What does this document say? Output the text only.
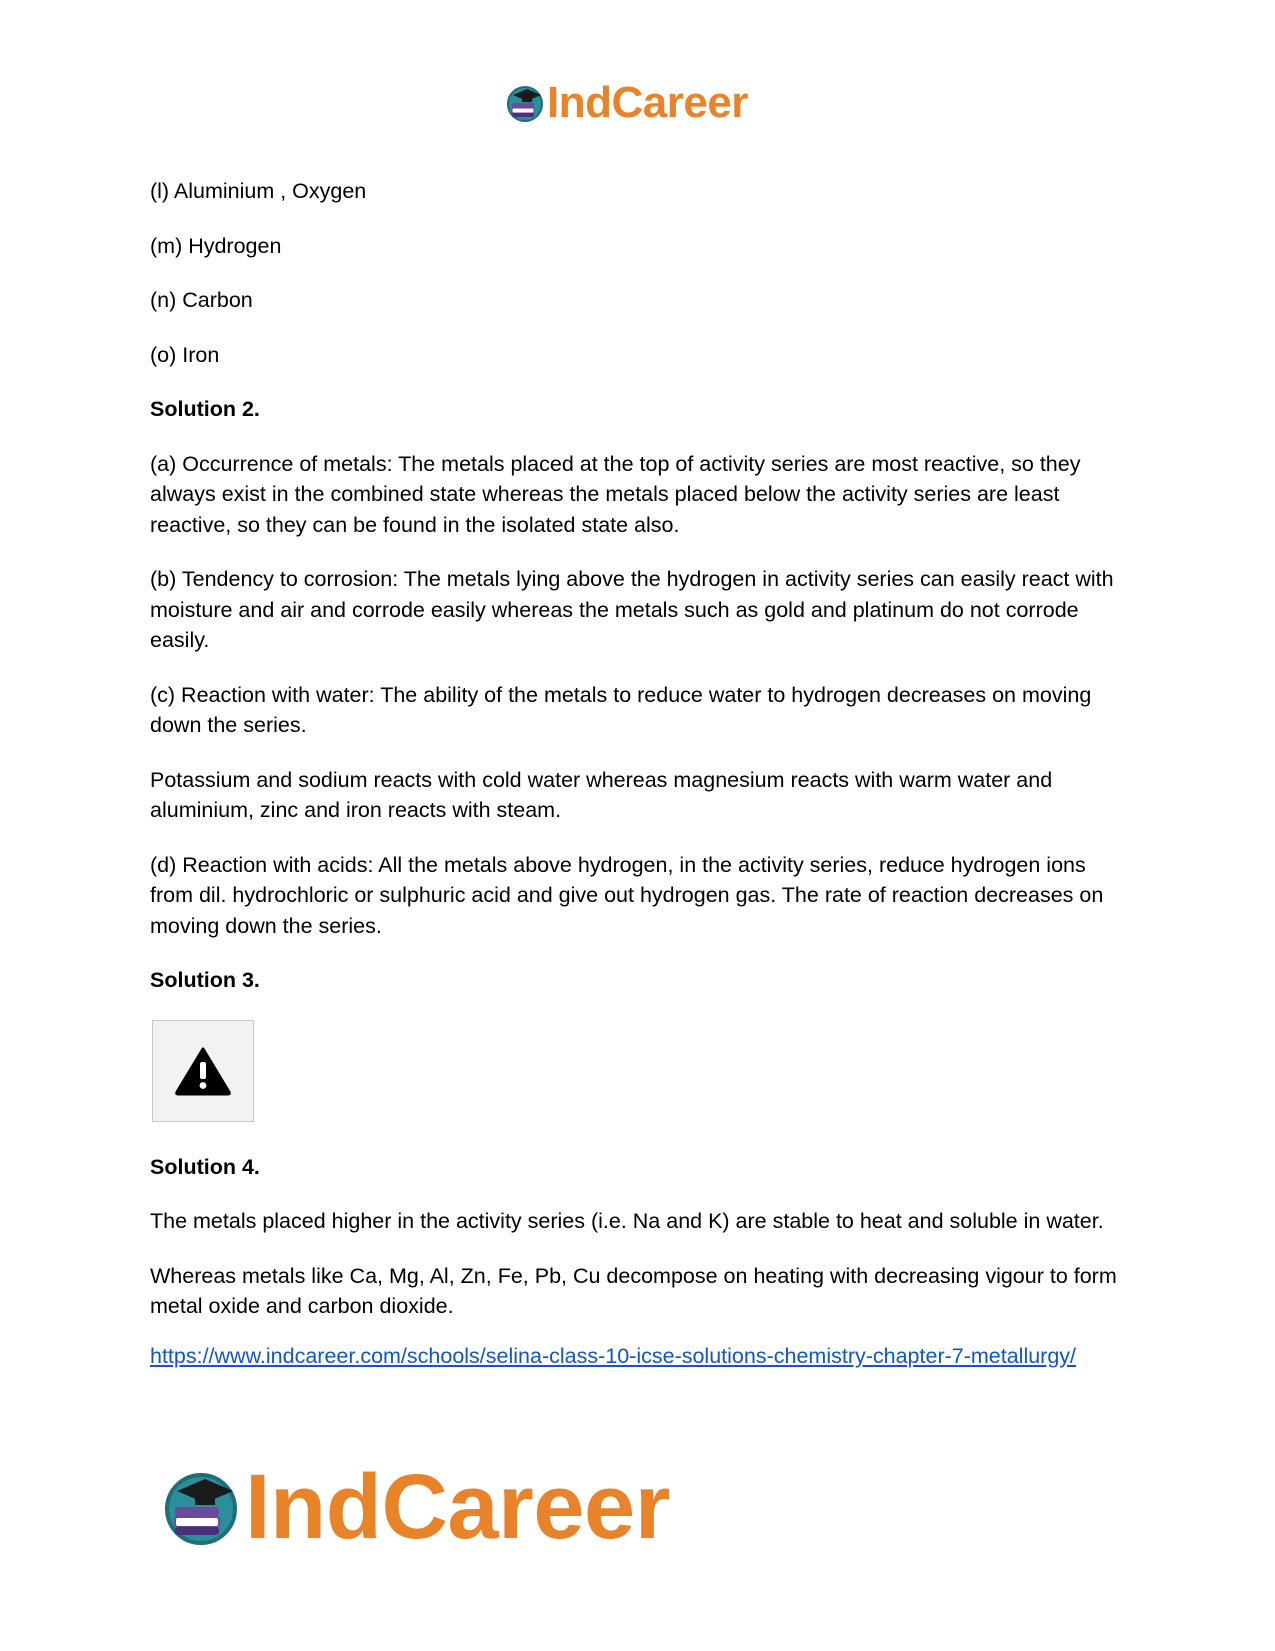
IndCareer

(l) Aluminium , Oxygen

(m) Hydrogen

(n) Carbon

(o) Iron

Solution 2.

(a) Occurrence of metals: The metals placed at the top of activity series are most reactive, so they always exist in the combined state whereas the metals placed below the activity series are least reactive, so they can be found in the isolated state also.

(b) Tendency to corrosion: The metals lying above the hydrogen in activity series can easily react with moisture and air and corrode easily whereas the metals such as gold and platinum do not corrode easily.

(c) Reaction with water: The ability of the metals to reduce water to hydrogen decreases on moving down the series.

Potassium and sodium reacts with cold water whereas magnesium reacts with warm water and aluminium, zinc and iron reacts with steam.

(d) Reaction with acids: All the metals above hydrogen, in the activity series, reduce hydrogen ions from dil. hydrochloric or sulphuric acid and give out hydrogen gas. The rate of reaction decreases on moving down the series.

Solution 3.

Solution 4.

The metals placed higher in the activity series (i.e. Na and K) are stable to heat and soluble in water.

Whereas metals like Ca, Mg, Al, Zn, Fe, Pb, Cu decompose on heating with decreasing vigour to form metal oxide and carbon dioxide.

https://www.indcareer.com/schools/selina-class-10-icse-solutions-chemistry-chapter-7-metallurgy/

IndCareer
